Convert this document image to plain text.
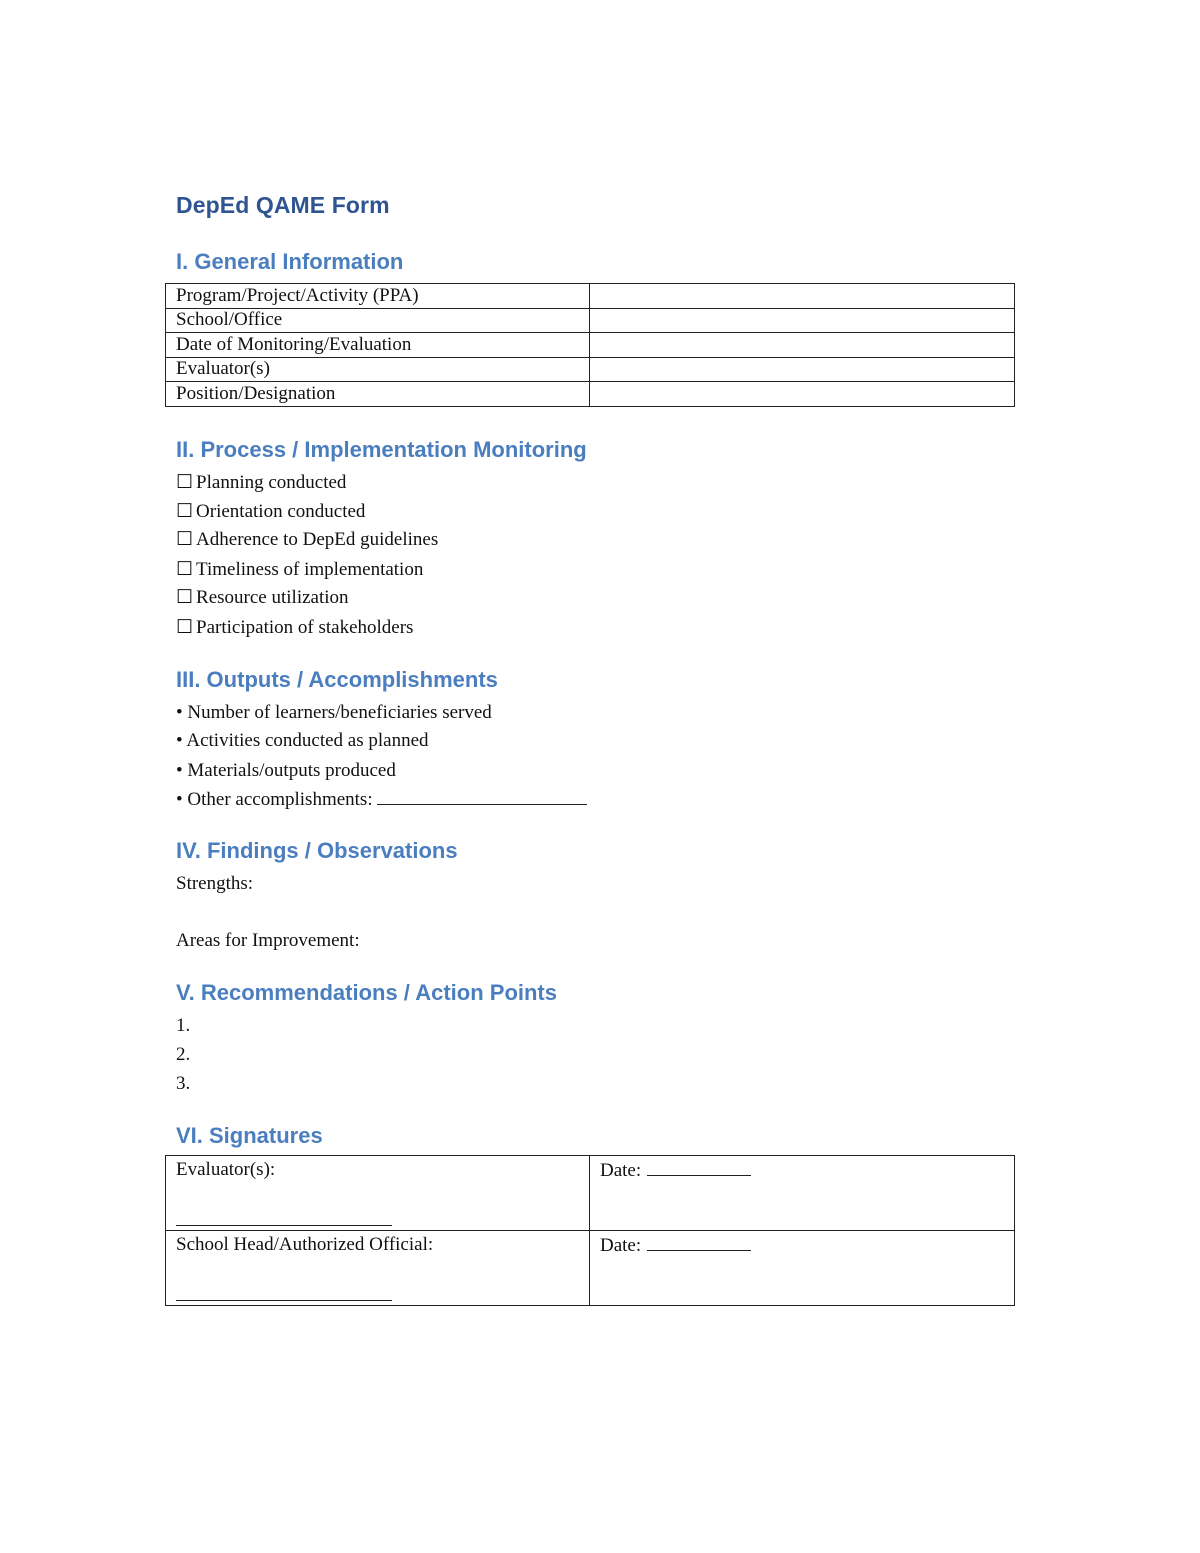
DepEd QAME Form
I. General Information
Program/Project/Activity (PPA)	
School/Office	
Date of Monitoring/Evaluation	
Evaluator(s)	
Position/Designation	
II. Process / Implementation Monitoring
☐ Planning conducted
☐ Orientation conducted
☐ Adherence to DepEd guidelines
☐ Timeliness of implementation
☐ Resource utilization
☐ Participation of stakeholders
III. Outputs / Accomplishments
• Number of learners/beneficiaries served
• Activities conducted as planned
• Materials/outputs produced
• Other accomplishments:
IV. Findings / Observations
Strengths:
Areas for Improvement:
V. Recommendations / Action Points
1.
2.
3.
VI. Signatures
Evaluator(s):	Date:

School Head/Authorized Official:	Date:
